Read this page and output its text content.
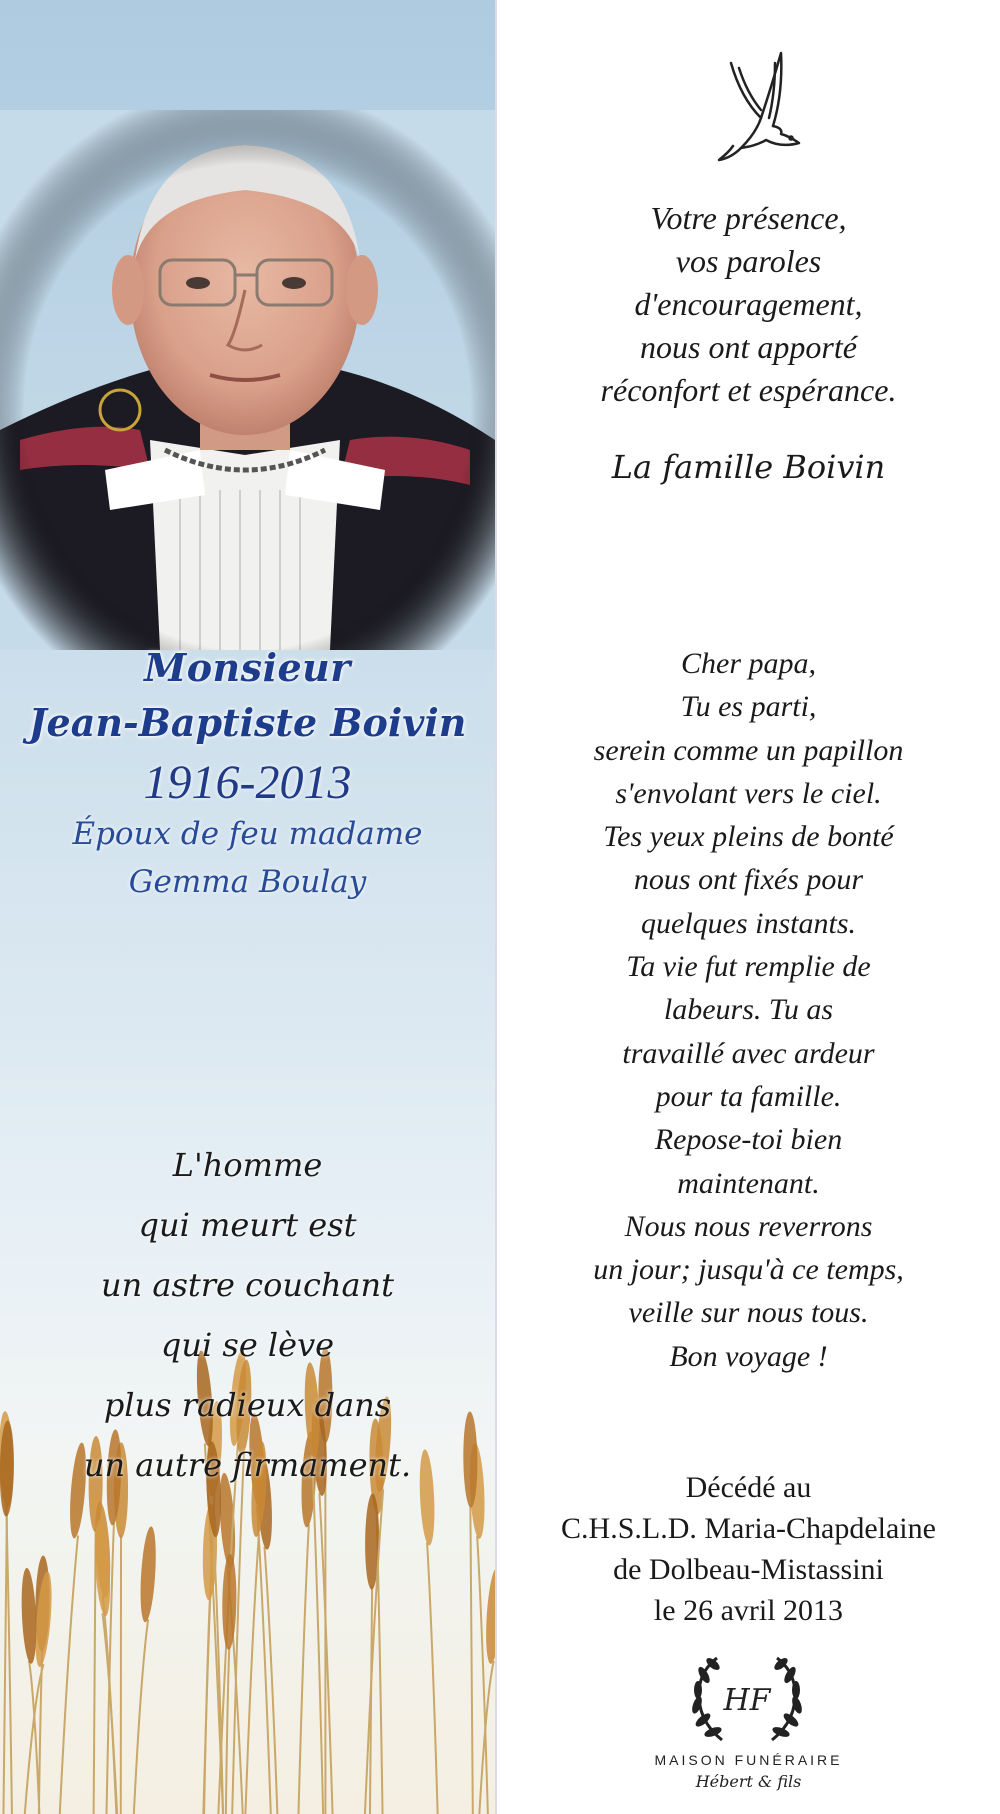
Monsieur
Jean-Baptiste Boivin
1916-2013
Époux de feu madame
Gemma Boulay
L'homme
qui meurt est
un astre couchant
qui se lève
plus radieux dans
un autre firmament.
Votre présence,
vos paroles
d'encouragement,
nous ont apporté
réconfort et espérance.
La famille Boivin
Cher papa,
Tu es parti,
serein comme un papillon
s'envolant vers le ciel.
Tes yeux pleins de bonté
nous ont fixés pour
quelques instants.
Ta vie fut remplie de
labeurs. Tu as
travaillé avec ardeur
pour ta famille.
Repose-toi bien
maintenant.
Nous nous reverrons
un jour; jusqu'à ce temps,
veille sur nous tous.
Bon voyage !
Décédé au
C.H.S.L.D. Maria-Chapdelaine
de Dolbeau-Mistassini
le 26 avril 2013
HF
MAISON FUNÉRAIRE
Hébert & fils
